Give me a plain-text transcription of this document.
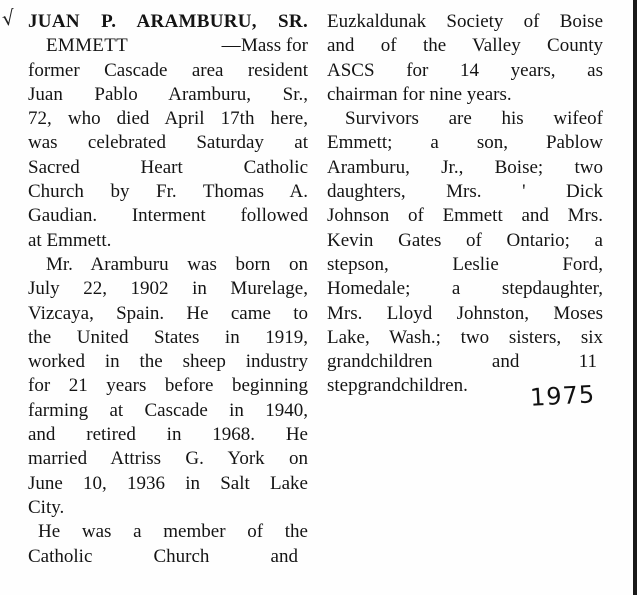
√ JUAN P. ARAMBURU, SR.
EMMETT — Mass for
former Cascade area resident
Juan Pablo Aramburu, Sr.,
72, who died April 17th here,
was celebrated Saturday at
Sacred Heart Catholic
Church by Fr. Thomas A.
Gaudian. Interment followed
at Emmett.
Mr. Aramburu was born on
July 22, 1902 in Murelage,
Vizcaya, Spain. He came to
the United States in 1919,
worked in the sheep industry
for 21 years before beginning
farming at Cascade in 1940,
and retired in 1968. He
married Attriss G. York on
June 10, 1936 in Salt Lake
City.
He was a member of the
Catholic Church and
Euzkaldunak Society of Boise
and of the Valley County
ASCS for 14 years, as
chairman for nine years.
Survivors are his wifeof
Emmett; a son, Pablow
Aramburu, Jr., Boise; two
daughters, Mrs. ' Dick
Johnson of Emmett and Mrs.
Kevin Gates of Ontario; a
stepson, Leslie Ford,
Homedale; a stepdaughter,
Mrs. Lloyd Johnston, Moses
Lake, Wash.; two sisters, six
grandchildren and 11
stepgrandchildren.	1975
